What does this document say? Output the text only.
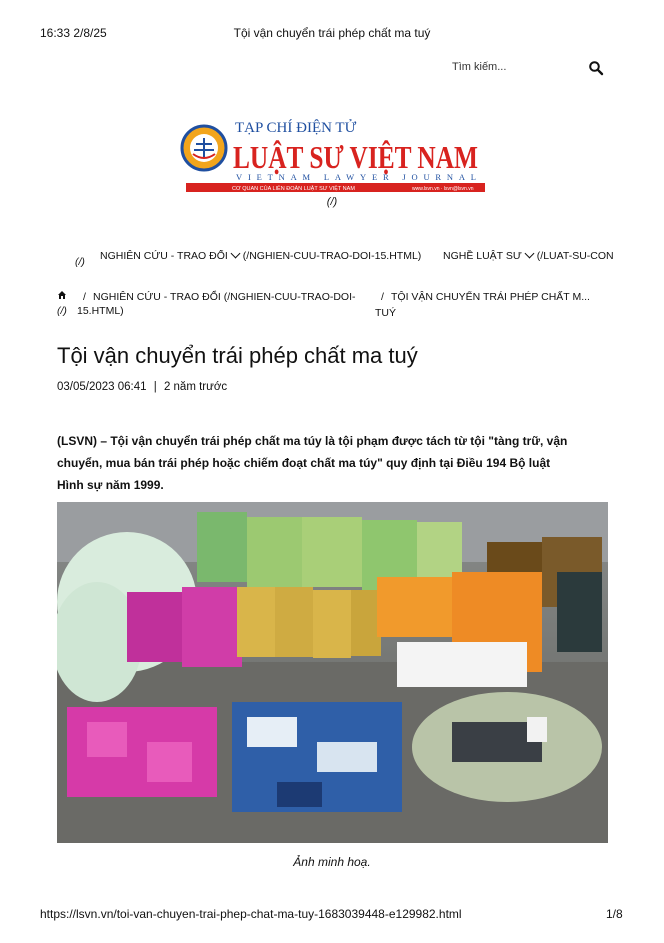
16:33 2/8/25	Tội vận chuyển trái phép chất ma tuý
Tìm kiếm...
TẠP CHÍ ĐIỆN TỬ
LUẬT SƯ VIỆT NAM
VIETNAM LAWYER JOURNAL
CƠ QUAN CỦA LIÊN ĐOÀN LUẬT SƯ VIỆT NAM	www.lsvn.vn · lsvn@lsvn.vn
(/)
(/) NGHIÊN CỨU - TRAO ĐỔI (/NGHIEN-CUU-TRAO-DOI-15.HTML) NGHỀ LUẬT SƯ (/LUAT-SU-CON
(/)
/ NGHIÊN CỨU - TRAO ĐỔI (/NGHIEN-CUU-TRAO-DOI-
15.HTML)
/ TỘI VẬN CHUYỂN TRÁI PHÉP CHẤT M...
TUÝ
Tội vận chuyển trái phép chất ma tuý
03/05/2023 06:41 | 2 năm trước

(LSVN) – Tội vận chuyển trái phép chất ma túy là tội phạm được tách từ tội "tàng trữ, vận chuyển, mua bán trái phép hoặc chiếm đoạt chất ma túy" quy định tại Điều 194 Bộ luật Hình sự năm 1999.

Ảnh minh hoạ.
https://lsvn.vn/toi-van-chuyen-trai-phep-chat-ma-tuy-1683039448-e129982.html	1/8
